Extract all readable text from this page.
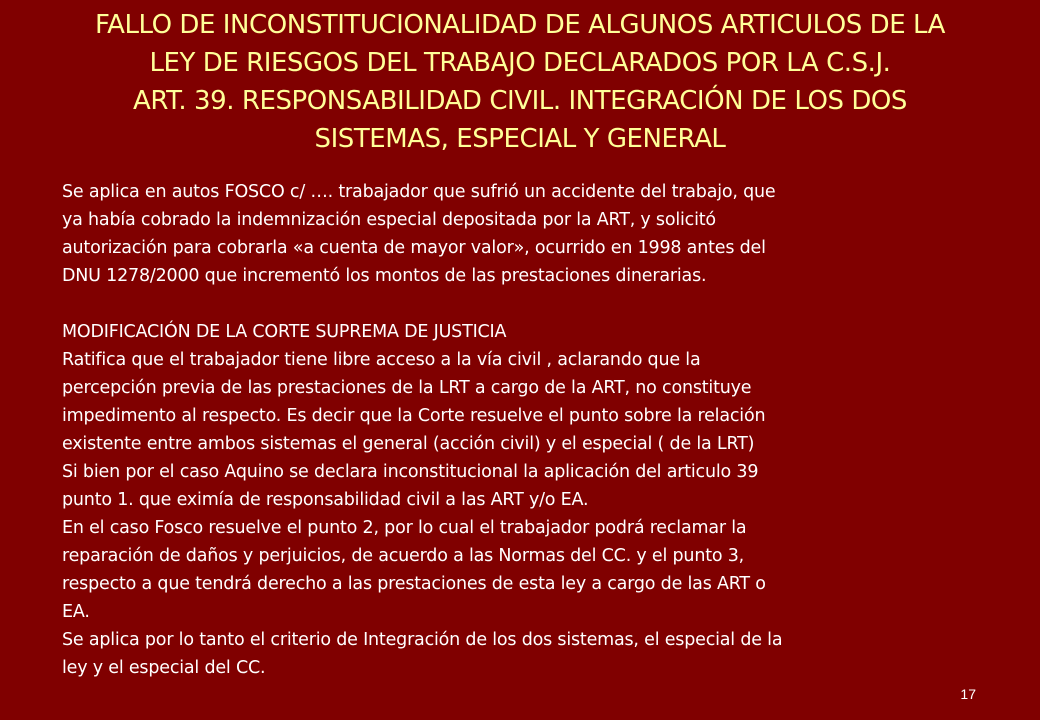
FALLO DE INCONSTITUCIONALIDAD DE ALGUNOS ARTICULOS DE LA
LEY DE RIESGOS DEL TRABAJO DECLARADOS POR LA C.S.J.
ART. 39. RESPONSABILIDAD CIVIL. INTEGRACIÓN DE LOS DOS
SISTEMAS, ESPECIAL Y GENERAL
Se aplica en autos FOSCO c/ …. trabajador que sufrió un accidente del trabajo, que
ya había cobrado la indemnización especial depositada por la ART, y solicitó
autorización para cobrarla «a cuenta de mayor valor», ocurrido en 1998 antes del
DNU 1278/2000 que incrementó los montos de las prestaciones dinerarias.
MODIFICACIÓN DE LA CORTE SUPREMA DE JUSTICIA
Ratifica que el trabajador tiene libre acceso a la vía civil , aclarando que la
percepción previa de las prestaciones de la LRT a cargo de la ART, no constituye
impedimento al respecto. Es decir que la Corte resuelve el punto sobre la relación
existente entre ambos sistemas el general (acción civil) y el especial ( de la LRT)
Si bien por el caso Aquino se declara inconstitucional la aplicación del articulo 39
punto 1. que eximía de responsabilidad civil a las ART y/o EA.
En el caso Fosco resuelve el punto 2, por lo cual el trabajador podrá reclamar la
reparación de daños y perjuicios, de acuerdo a las Normas del CC. y el punto 3,
respecto a que tendrá derecho a las prestaciones de esta ley a cargo de las ART o
EA.
Se aplica por lo tanto el criterio de Integración de los dos sistemas, el especial de la
ley y el especial del CC.
17
